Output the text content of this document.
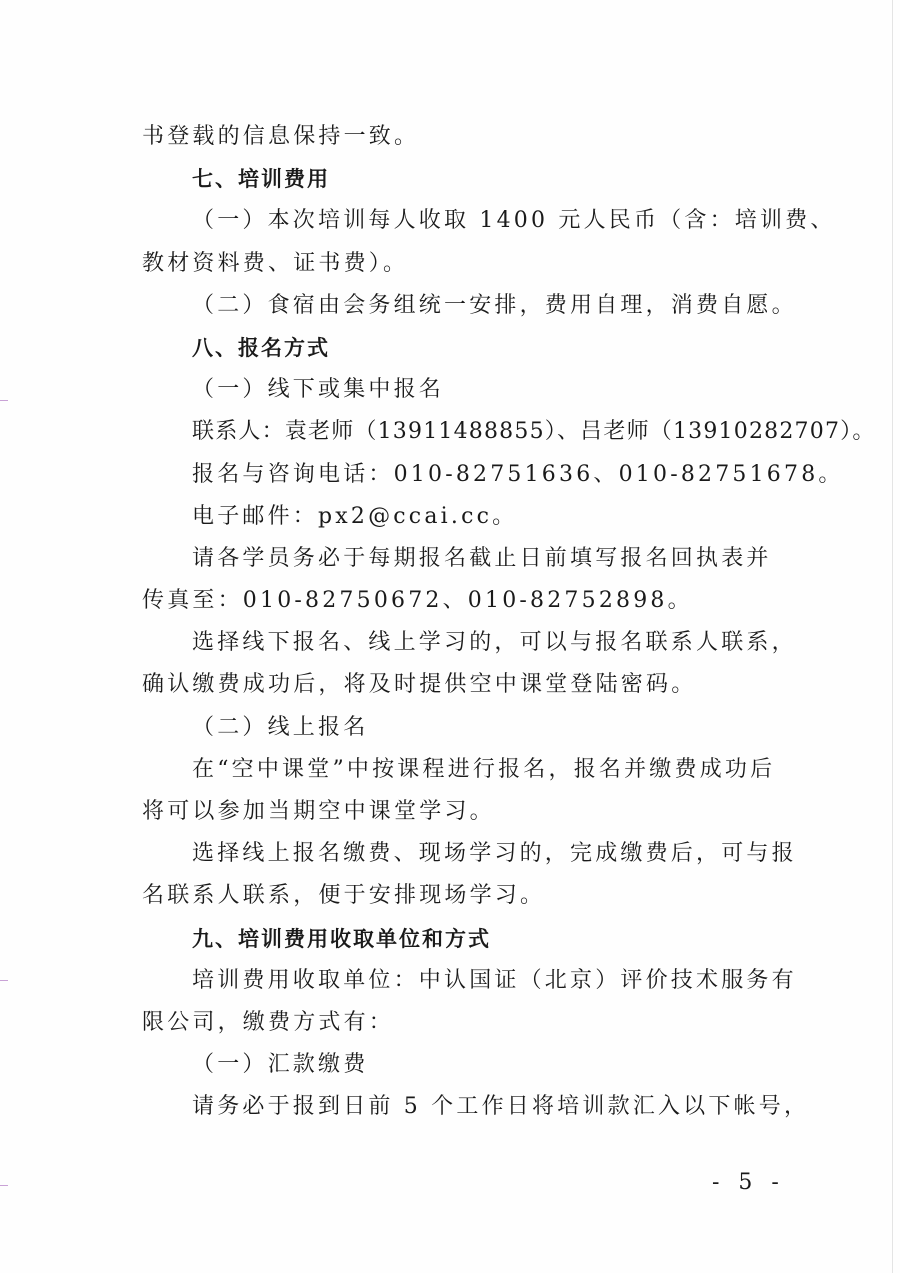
书登载的信息保持一致。
七、培训费用
（一）本次培训每人收取 1400 元人民币（含：培训费、
教材资料费、证书费）。
（二）食宿由会务组统一安排，费用自理，消费自愿。
八、报名方式
（一）线下或集中报名
联系人：袁老师（13911488855）、吕老师（13910282707）。
报名与咨询电话：010-82751636、010-82751678。
电子邮件：px2@ccai.cc。
请各学员务必于每期报名截止日前填写报名回执表并
传真至：010-82750672、010-82752898。
选择线下报名、线上学习的，可以与报名联系人联系，
确认缴费成功后，将及时提供空中课堂登陆密码。
（二）线上报名
在“空中课堂”中按课程进行报名，报名并缴费成功后
将可以参加当期空中课堂学习。
选择线上报名缴费、现场学习的，完成缴费后，可与报
名联系人联系，便于安排现场学习。
九、培训费用收取单位和方式
培训费用收取单位：中认国证（北京）评价技术服务有
限公司，缴费方式有：
（一）汇款缴费
请务必于报到日前 5 个工作日将培训款汇入以下帐号，
- 5 -
